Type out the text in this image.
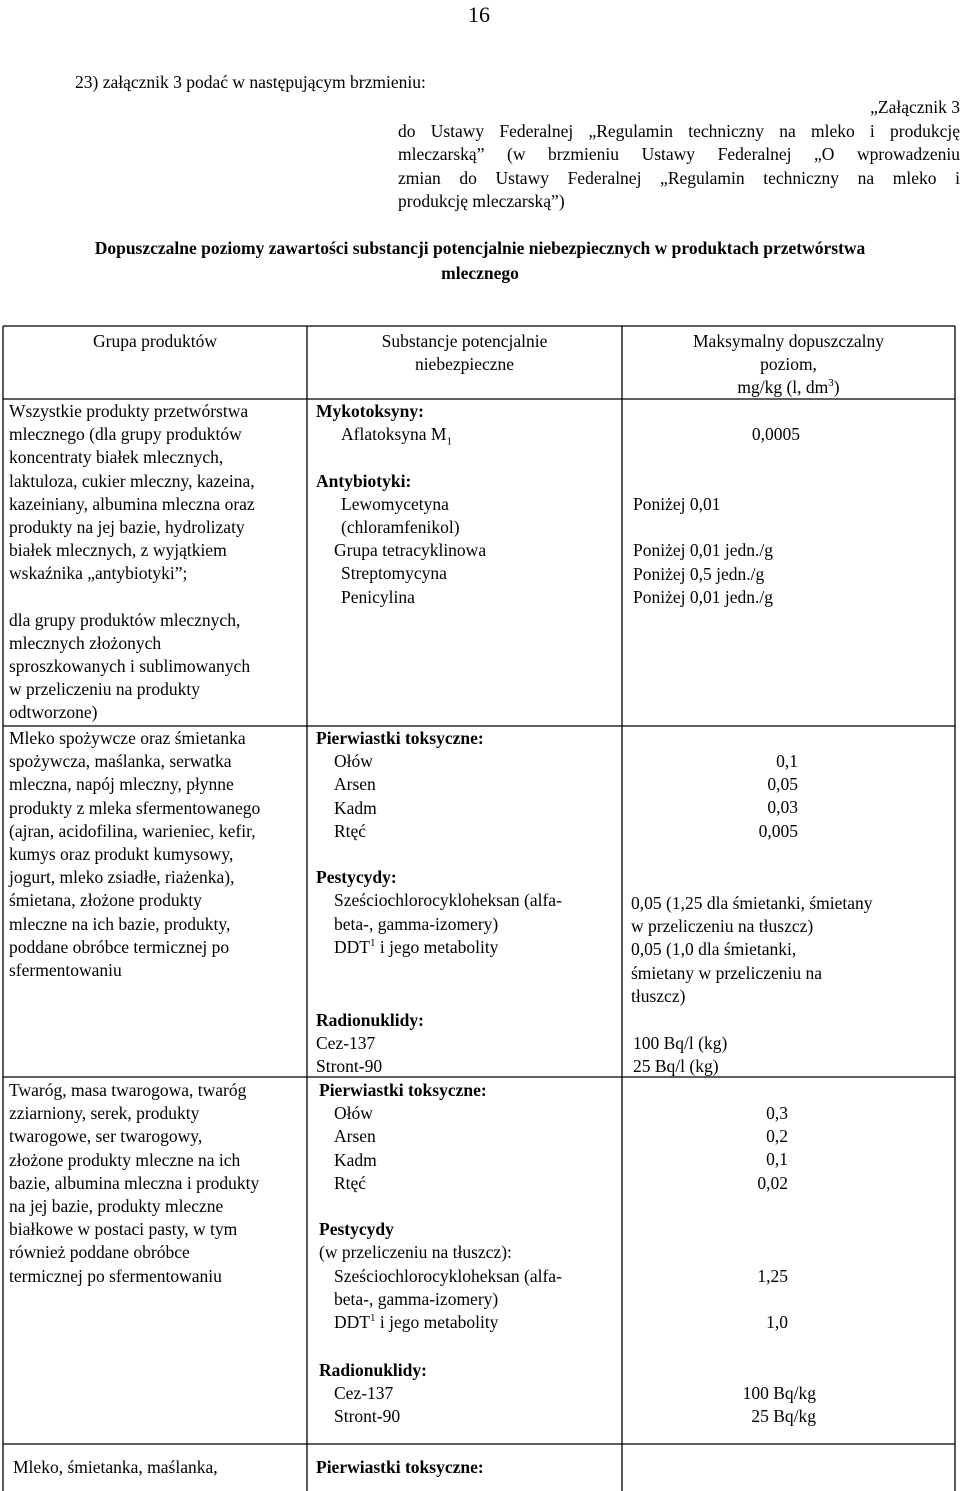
16
23) załącznik 3 podać w następującym brzmieniu:
„Załącznik 3
do Ustawy Federalnej „Regulamin techniczny na mleko i produkcję
mleczarską” (w brzmieniu Ustawy Federalnej „O wprowadzeniu
zmian do Ustawy Federalnej „Regulamin techniczny na mleko i
produkcję mleczarską”)
Dopuszczalne poziomy zawartości substancji potencjalnie niebezpiecznych w produktach przetwórstwa
mlecznego
Grupa produktów	Substancje potencjalnie
niebezpieczne
Maksymalny dopuszczalny
poziom,
mg/kg (l, $dm^3$)
Wszystkie produkty przetwórstwa
mlecznego (dla grupy produktów
koncentraty białek mlecznych,
laktuloza, cukier mleczny, kazeina,
kazeiniany, albumina mleczna oraz
produkty na jej bazie, hydrolizaty
białek mlecznych, z wyjątkiem
wskaźnika „antybiotyki”;
dla grupy produktów mlecznych,
mlecznych złożonych
sproszkowanych i sublimowanych
w przeliczeniu na produkty
odtworzone)
Mykotoksyny:
Aflatoksyna $M_1$
Antybiotyki:
Lewomycetyna
(chloramfenikol)
Grupa tetracyklinowa
Streptomycyna
Penicylina
0,0005
Poniżej 0,01
Poniżej 0,01 jedn./g
Poniżej 0,5 jedn./g
Poniżej 0,01 jedn./g
Mleko spożywcze oraz śmietanka
spożywcza, maślanka, serwatka
mleczna, napój mleczny, płynne
produkty z mleka sfermentowanego
(ajran, acidofilina, warieniec, kefir,
kumys oraz produkt kumysowy,
jogurt, mleko zsiadłe, riażenka),
śmietana, złożone produkty
mleczne na ich bazie, produkty,
poddane obróbce termicznej po
sfermentowaniu
Pierwiastki toksyczne:
Ołów
Arsen
Kadm
Rtęć
Pestycydy:
Sześciochlorocykloheksan (alfa-
beta-, gamma-izomery)
DDT$^1$ i jego metabolity
0,1
0,05
0,03
0,005
0,05 (1,25 dla śmietanki, śmietany
w przeliczeniu na tłuszcz)
0,05 (1,0 dla śmietanki,
śmietany w przeliczeniu na
tłuszcz)
Radionuklidy:
Cez-137
Stront-90
100 Bq/l (kg)
25 Bq/l (kg)
Twaróg, masa twarogowa, twaróg
zziarniony, serek, produkty
twarogowe, ser twarogowy,
złożone produkty mleczne na ich
bazie, albumina mleczna i produkty
na jej bazie, produkty mleczne
białkowe w postaci pasty, w tym
również poddane obróbce
termicznej po sfermentowaniu
Pierwiastki toksyczne:
Ołów
Arsen
Kadm
Rtęć
Pestycydy
(w przeliczeniu na tłuszcz):
Sześciochlorocykloheksan (alfa-
beta-, gamma-izomery)
DDT$^1$ i jego metabolity
0,3
0,2
0,1
0,02
1,25
1,0
Radionuklidy:
Cez-137
Stront-90
100 Bq/kg
25 Bq/kg
Mleko, śmietanka, maślanka,	Pierwiastki toksyczne:
